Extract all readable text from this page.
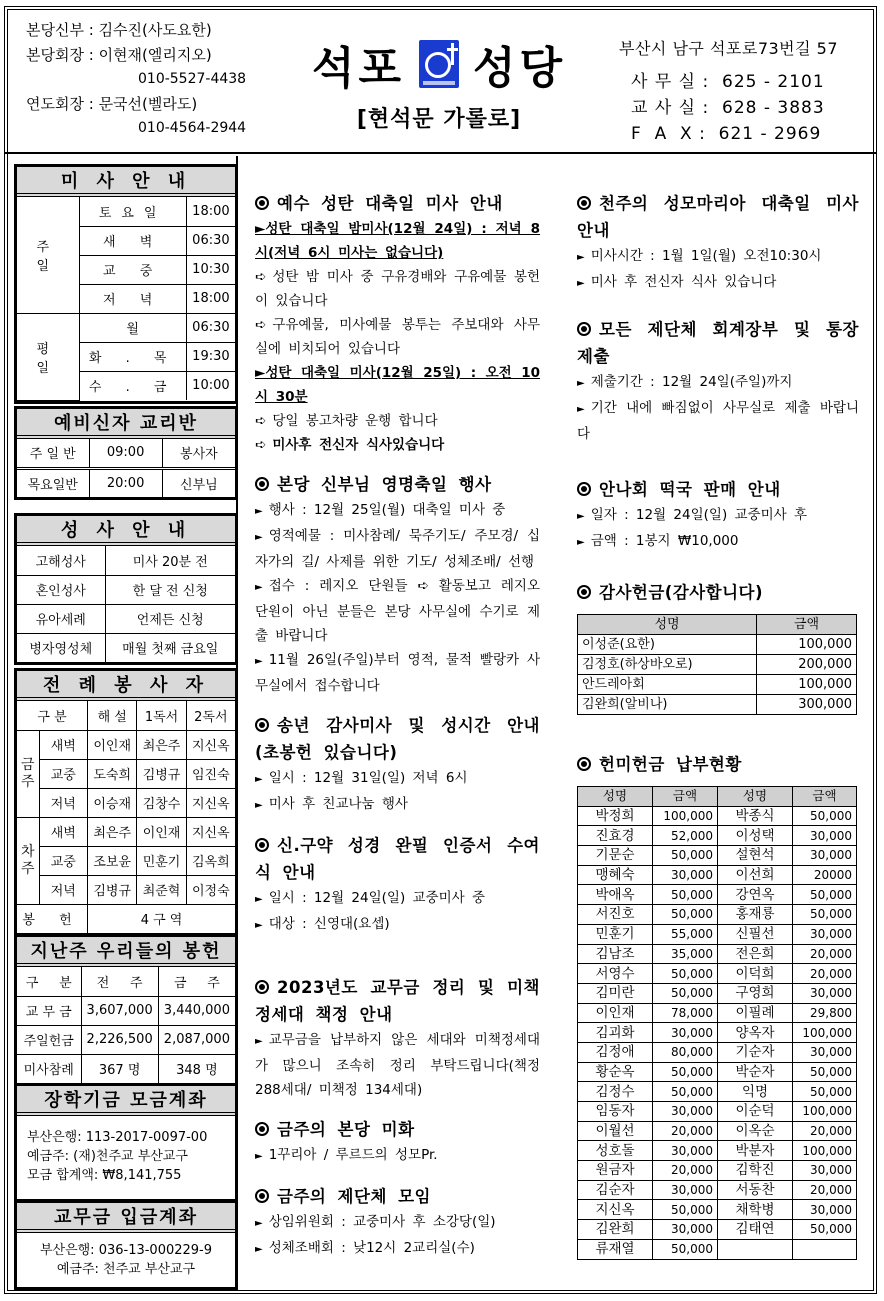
본당신부 : 김수진(사도요한)
본당회장 : 이현재(엘리지오)
010-5527-4438
연도회장 : 문국선(벨라도)
010-4564-2944
석포 성당
[현석문 가롤로]
부산시 남구 석포로73번길 57
사 무 실 : 625 - 2101
교 사 실 : 628 - 3883
F  A  X : 621 - 2969
미 사 안 내
주 일	토요일	18:00
	새 벽	06:30
	교 중	10:30
	저 녁	18:00
평 일	월	06:30
	화 . 목	19:30
	수 . 금	10:00
예비신자 교리반
주 일 반	09:00	봉사자
목요일반	20:00	신부님
성 사 안 내
고해성사	미사 20분 전
혼인성사	한 달 전 신청
유아세례	언제든 신청
병자영성체	매월 첫째 금요일
전 례 봉 사 자
구 분		해 설	1독서	2독서
금주	새벽	이인재	최은주	지신옥
	교중	도숙희	김병규	임진숙
	저녁	이승재	김창수	지신옥
차주	새벽	최은주	이인재	지신옥
	교중	조보윤	민훈기	김옥희
	저녁	김병규	최준혁	이정숙
봉 헌		4 구 역		
지난주 우리들의 봉헌
구     분	전     주	금     주
교 무 금	3,607,000	3,440,000
주일헌금	2,226,500	2,087,000
미사참례	367 명	348 명
장학기금 모금계좌
부산은행: 113-2017-0097-00
예금주: (재)천주교 부산교구
모금 합계액: ₩8,141,755
교무금 입금계좌
부산은행: 036-13-000229-9
예금주: 천주교 부산교구
예수 성탄 대축일 미사 안내
►성탄 대축일 밤미사(12월 24일) : 저녁 8시(저녁 6시 미사는 없습니다)
➪ 성탄 밤 미사 중 구유경배와 구유예물 봉헌이 있습니다
➪ 구유예물, 미사예물 봉투는 주보대와 사무실에 비치되어 있습니다
►성탄 대축일 미사(12월 25일) : 오전 10시 30분
➪ 당일 봉고차량 운행 합니다
➪ 미사후 전신자 식사있습니다
본당 신부님 영명축일 행사
► 행사 : 12월 25일(월) 대축일 미사 중
► 영적예물 : 미사참례/ 묵주기도/ 주모경/ 십자가의 길/ 사제를 위한 기도/ 성체조배/ 선행
► 접수 : 레지오 단원들 ➪ 활동보고 레지오 단원이 아닌 분들은 본당 사무실에 수기로 제출 바랍니다
► 11월 26일(주일)부터 영적, 물적 빨랑카 사무실에서 접수합니다
송년 감사미사 및 성시간 안내(초봉헌 있습니다)
► 일시 : 12월 31일(일) 저녁 6시
► 미사 후 친교나눔 행사
신.구약 성경 완필 인증서 수여식 안내
► 일시 : 12월 24일(일) 교중미사 중
► 대상 : 신영대(요셉)
2023년도 교무금 정리 및 미책정세대 책정 안내
► 교무금을 납부하지 않은 세대와 미책정세대가 많으니 조속히 정리 부탁드립니다(책정 288세대/ 미책정 134세대)
금주의 본당 미화
► 1꾸리아 / 루르드의 성모Pr.
금주의 제단체 모임
► 상임위원회 : 교중미사 후 소강당(일)
► 성체조배회 : 낮12시 2교리실(수)
천주의 성모마리아 대축일 미사 안내
► 미사시간 : 1월 1일(월) 오전10:30시
► 미사 후 전신자 식사 있습니다
모든 제단체 회계장부 및 통장 제출
► 제출기간 : 12월 24일(주일)까지
► 기간 내에 빠짐없이 사무실로 제출 바랍니다
안나회 떡국 판매 안내
► 일자 : 12월 24일(일) 교중미사 후
► 금액 : 1봉지 ₩10,000
감사헌금(감사합니다)
성명	금액
이성준(요한)	100,000
김정호(하상바오로)	200,000
안드레아회	100,000
김완희(알비나)	300,000
헌미헌금 납부현황
성명	금액	성명	금액
박정희	100,000	박종식	50,000
진효경	52,000	이성택	30,000
기문순	50,000	설현석	30,000
맹혜숙	30,000	이선희	20000
박애옥	50,000	강연옥	50,000
서진호	50,000	홍재룡	50,000
민훈기	55,000	신필선	30,000
김남조	35,000	전은희	20,000
서영수	50,000	이덕희	20,000
김미란	50,000	구영희	30,000
이인재	78,000	이필례	29,800
김괴화	30,000	양옥자	100,000
김정애	80,000	기순자	30,000
황순옥	50,000	박순자	50,000
김정수	50,000	익명	50,000
임동자	30,000	이순덕	100,000
이월선	20,000	이옥순	20,000
성호돌	30,000	박분자	100,000
원금자	20,000	김학진	30,000
김순자	30,000	서동찬	20,000
지신옥	50,000	채학병	30,000
김완희	30,000	김태연	50,000
류재열	50,000		
